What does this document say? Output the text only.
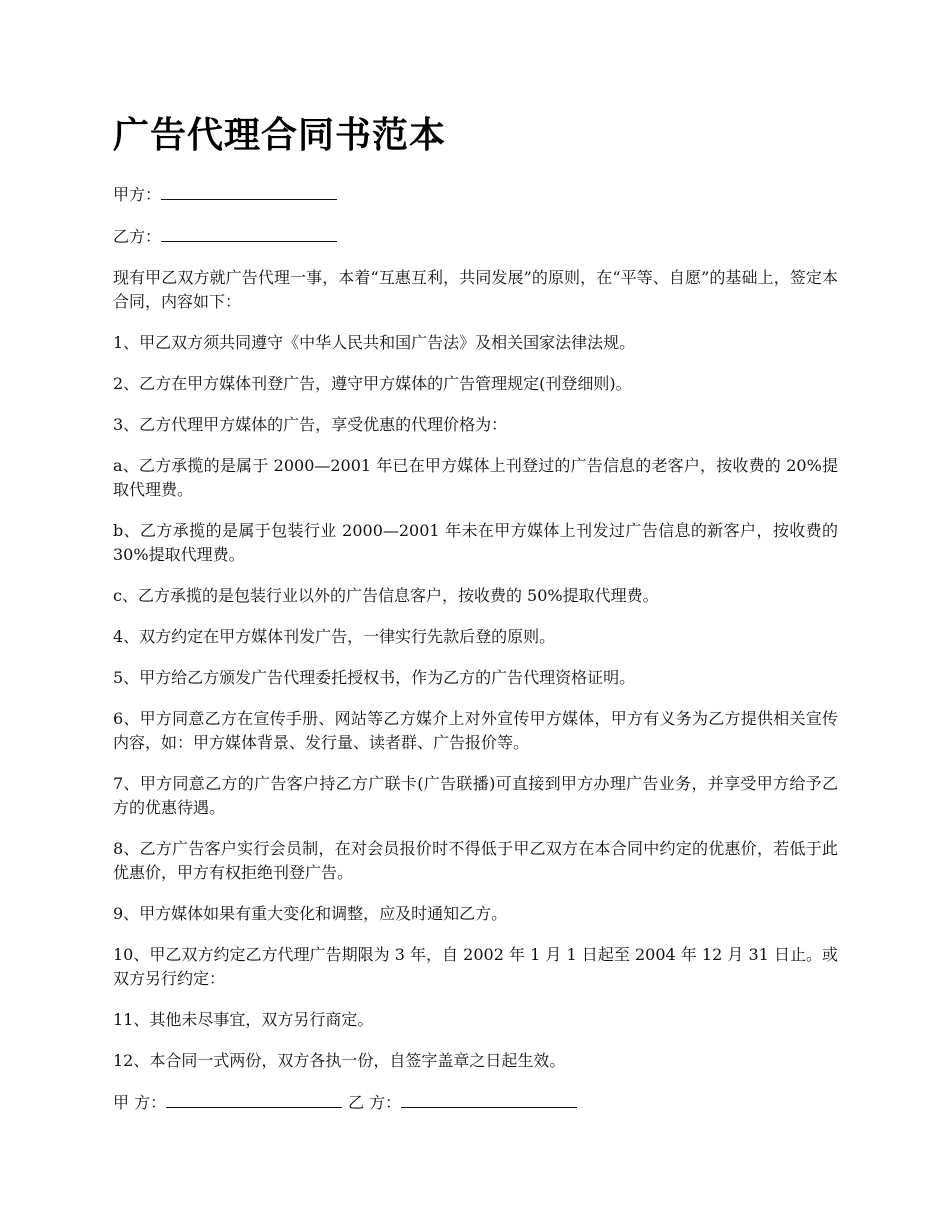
广告代理合同书范本

甲方：

乙方：

现有甲乙双方就广告代理一事，本着“互惠互利，共同发展”的原则，在“平等、自愿”的基础上，签定本合同，内容如下：

1、甲乙双方须共同遵守《中华人民共和国广告法》及相关国家法律法规。

2、乙方在甲方媒体刊登广告，遵守甲方媒体的广告管理规定(刊登细则)。

3、乙方代理甲方媒体的广告，享受优惠的代理价格为：

a、乙方承揽的是属于 2000—2001 年已在甲方媒体上刊登过的广告信息的老客户，按收费的 20%提取代理费。

b、乙方承揽的是属于包装行业 2000—2001 年未在甲方媒体上刊发过广告信息的新客户，按收费的 30%提取代理费。

c、乙方承揽的是包装行业以外的广告信息客户，按收费的 50%提取代理费。

4、双方约定在甲方媒体刊发广告，一律实行先款后登的原则。

5、甲方给乙方颁发广告代理委托授权书，作为乙方的广告代理资格证明。

6、甲方同意乙方在宣传手册、网站等乙方媒介上对外宣传甲方媒体，甲方有义务为乙方提供相关宣传内容，如：甲方媒体背景、发行量、读者群、广告报价等。

7、甲方同意乙方的广告客户持乙方广联卡(广告联播)可直接到甲方办理广告业务，并享受甲方给予乙方的优惠待遇。

8、乙方广告客户实行会员制，在对会员报价时不得低于甲乙双方在本合同中约定的优惠价，若低于此优惠价，甲方有权拒绝刊登广告。

9、甲方媒体如果有重大变化和调整，应及时通知乙方。

10、甲乙双方约定乙方代理广告期限为 3 年，自 2002 年 1 月 1 日起至 2004 年 12 月 31 日止。或双方另行约定：

11、其他未尽事宜，双方另行商定。

12、本合同一式两份，双方各执一份，自签字盖章之日起生效。

甲 方：	乙 方：
